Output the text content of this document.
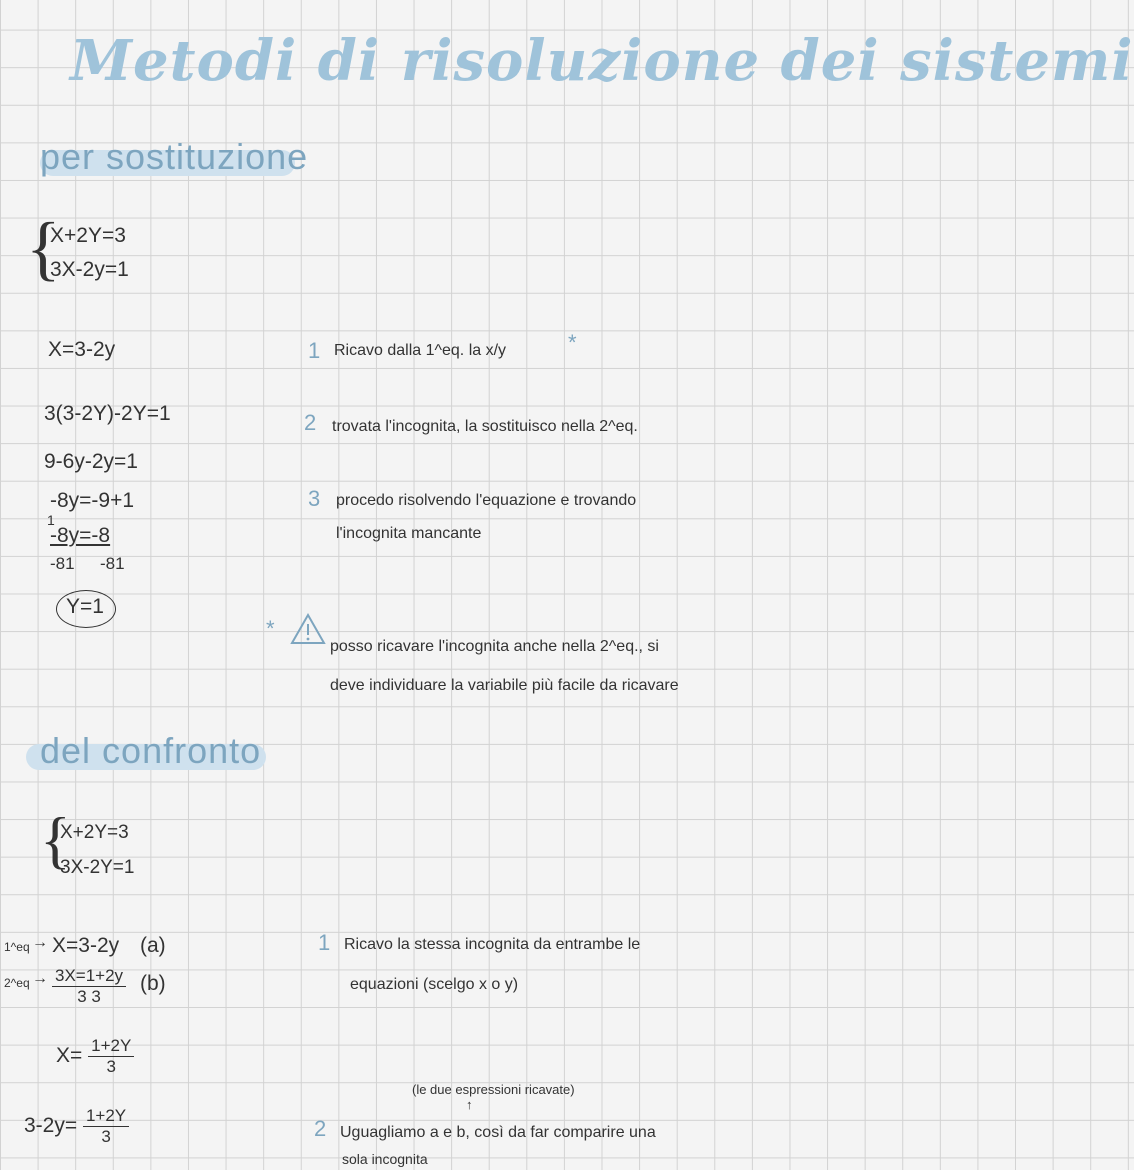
Metodi di risoluzione dei sistemi
per sostituzione
{
X+2Y=3
3X-2y=1
X=3-2y
3(3-2Y)-2Y=1
9-6y-2y=1
-8y=-9+1
1
-8y=-8
-81 -81
Y=1
1 Ricavo dalla 1^eq. la x/y	*
2 trovata l'incognita, la sostituisco nella 2^eq.
3 procedo risolvendo l'equazione e trovando
l'incognita mancante
*
posso ricavare l'incognita anche nella 2^eq., si
deve individuare la variabile più facile da ricavare
del confronto
{
X+2Y=3
3X-2Y=1
1^eq → X=3-2y (a)
2^eq → $\frac{3X=1+2y}{3 3} (b)$
$X= \frac{1+2Y}{3}$
$3-2y= \frac{1+2Y}{3}$
1 Ricavo la stessa incognita da entrambe le
equazioni (scelgo x o y)
(le due espressioni ricavate)
↑
2 Uguagliamo a e b, così da far comparire una
sola incognita
